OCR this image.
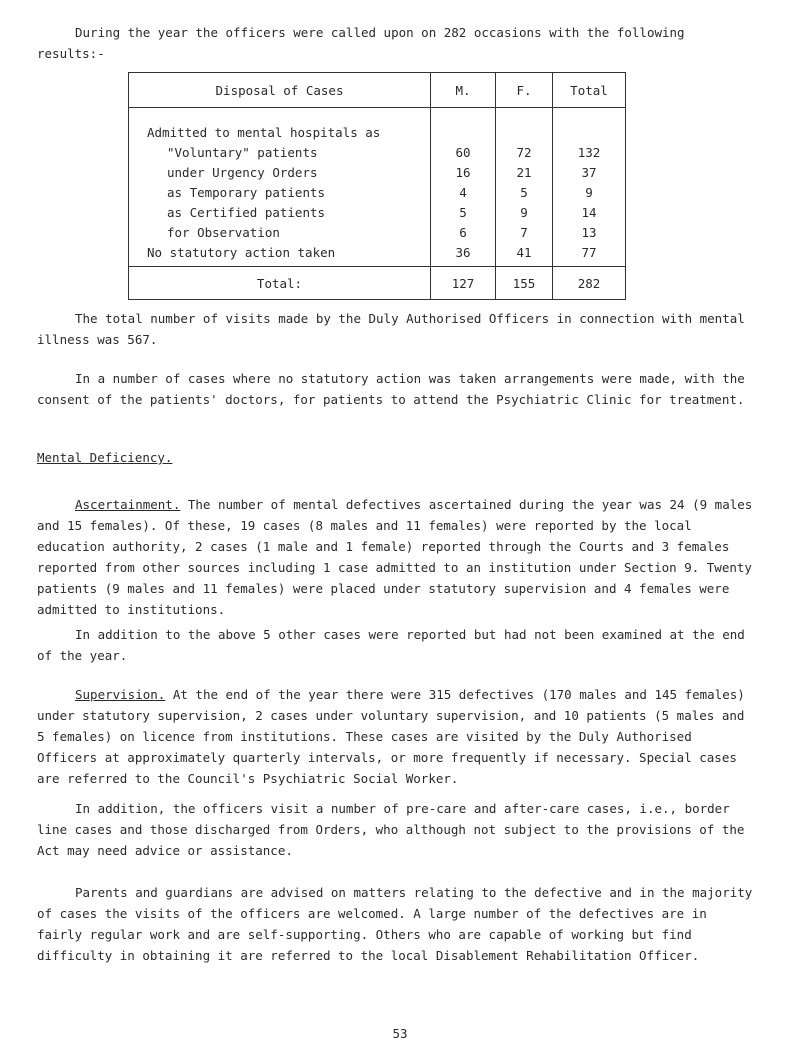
During the year the officers were called upon on 282 occasions with the following results:-

Disposal of Cases	M.	F.	Total
Admitted to mental hospitals as			
"Voluntary" patients	60	72	132
under Urgency Orders	16	21	37
as Temporary patients	4	5	9
as Certified patients	5	9	14
for Observation	6	7	13
No statutory action taken	36	41	77
Total:	127	155	282

The total number of visits made by the Duly Authorised Officers in connection with mental illness was 567.

In a number of cases where no statutory action was taken arrangements were made, with the consent of the patients' doctors, for patients to attend the Psychiatric Clinic for treatment.

Mental Deficiency.

Ascertainment. The number of mental defectives ascertained during the year was 24 (9 males and 15 females). Of these, 19 cases (8 males and 11 females) were reported by the local education authority, 2 cases (1 male and 1 female) reported through the Courts and 3 females reported from other sources including 1 case admitted to an institution under Section 9. Twenty patients (9 males and 11 females) were placed under statutory supervision and 4 females were admitted to institutions.

In addition to the above 5 other cases were reported but had not been examined at the end of the year.

Supervision. At the end of the year there were 315 defectives (170 males and 145 females) under statutory supervision, 2 cases under voluntary supervision, and 10 patients (5 males and 5 females) on licence from institutions. These cases are visited by the Duly Authorised Officers at approximately quarterly intervals, or more frequently if necessary. Special cases are referred to the Council's Psychiatric Social Worker.

In addition, the officers visit a number of pre-care and after-care cases, i.e., border line cases and those discharged from Orders, who although not subject to the provisions of the Act may need advice or assistance.

Parents and guardians are advised on matters relating to the defective and in the majority of cases the visits of the officers are welcomed. A large number of the defectives are in fairly regular work and are self-supporting. Others who are capable of working but find difficulty in obtaining it are referred to the local Disablement Rehabilitation Officer.

53
